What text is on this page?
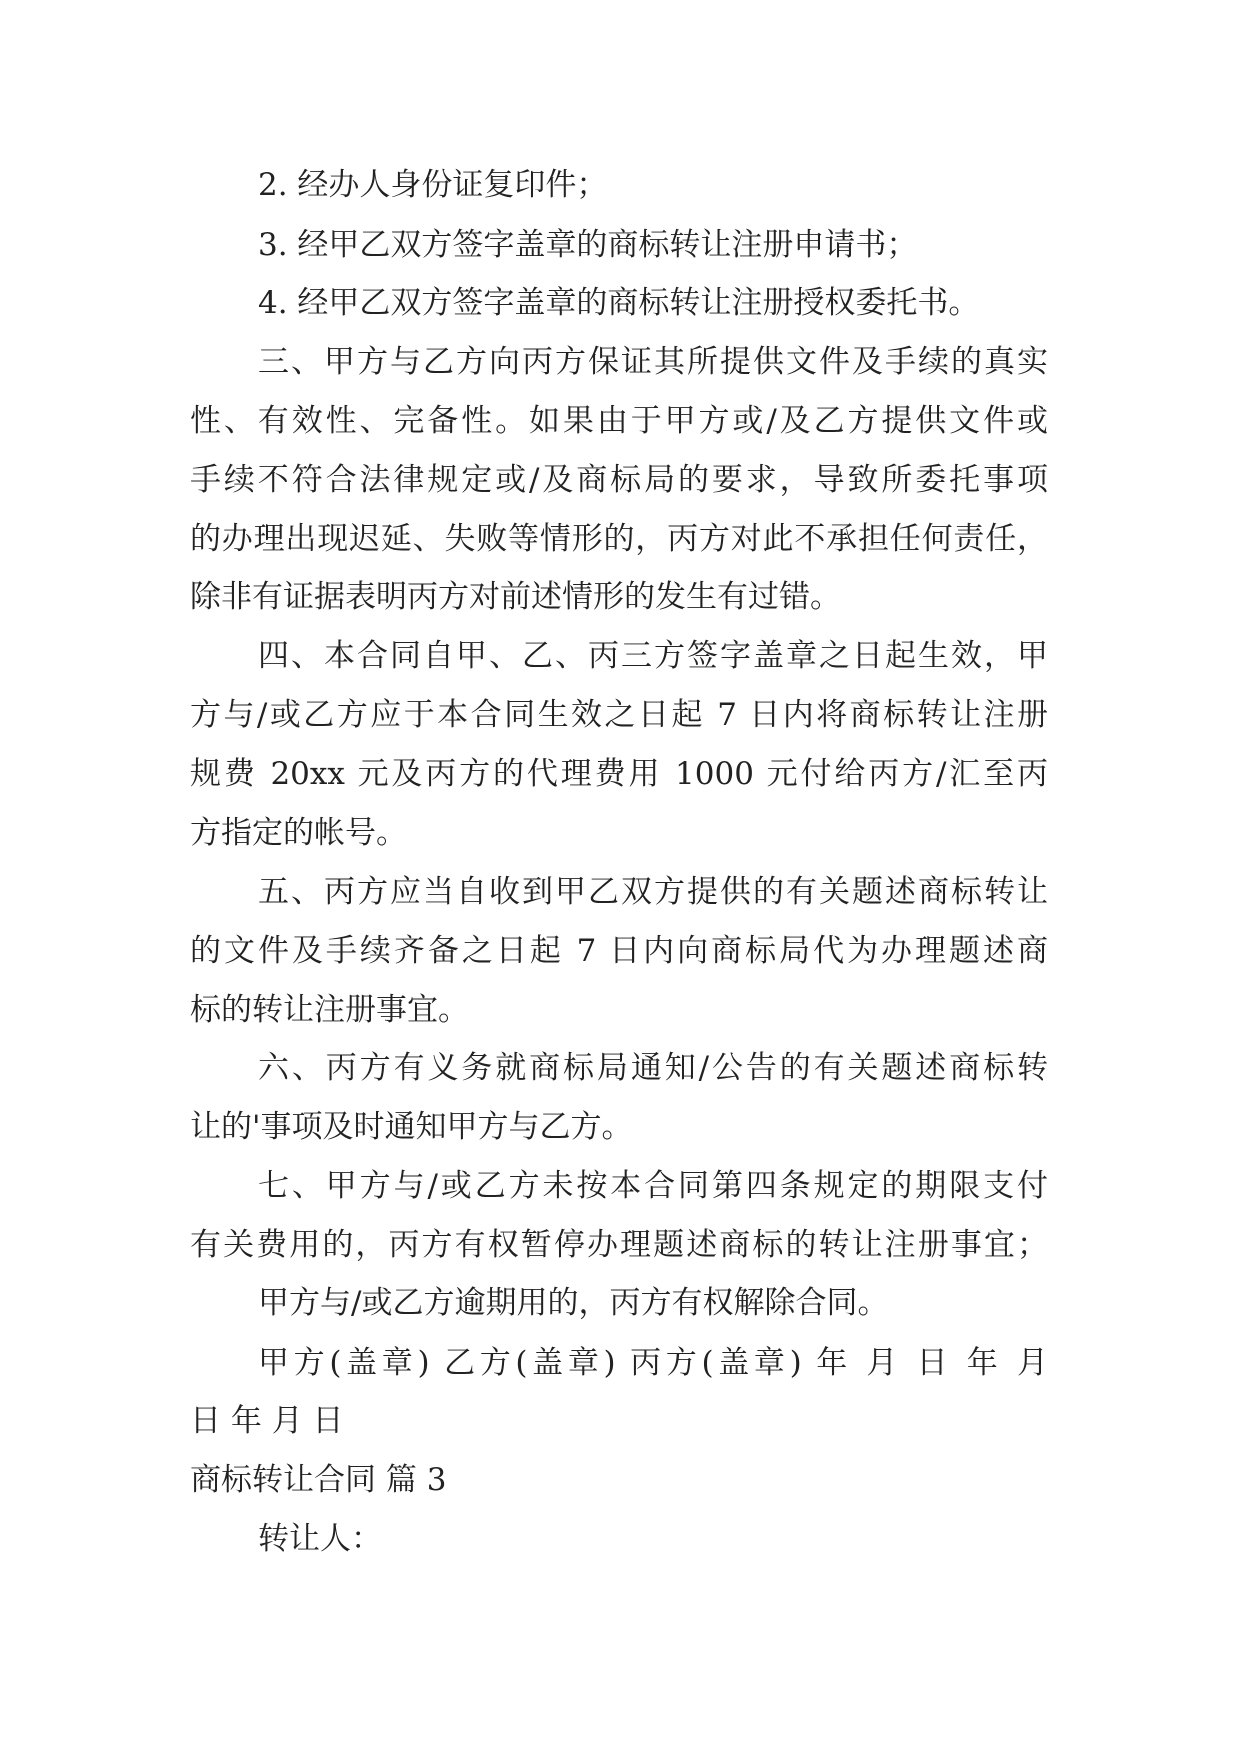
2. 经办人身份证复印件；

3. 经甲乙双方签字盖章的商标转让注册申请书；

4. 经甲乙双方签字盖章的商标转让注册授权委托书。

三、甲方与乙方向丙方保证其所提供文件及手续的真实

性、有效性、完备性。如果由于甲方或/及乙方提供文件或

手续不符合法律规定或/及商标局的要求，导致所委托事项

的办理出现迟延、失败等情形的，丙方对此不承担任何责任，

除非有证据表明丙方对前述情形的发生有过错。

四、本合同自甲、乙、丙三方签字盖章之日起生效，甲

方与/或乙方应于本合同生效之日起 7 日内将商标转让注册

规费 20xx 元及丙方的代理费用 1000 元付给丙方/汇至丙

方指定的帐号。

五、丙方应当自收到甲乙双方提供的有关题述商标转让

的文件及手续齐备之日起 7 日内向商标局代为办理题述商

标的转让注册事宜。

六、丙方有义务就商标局通知/公告的有关题述商标转

让的'事项及时通知甲方与乙方。

七、甲方与/或乙方未按本合同第四条规定的期限支付

有关费用的，丙方有权暂停办理题述商标的转让注册事宜；

甲方与/或乙方逾期用的，丙方有权解除合同。

甲方(盖章) 乙方(盖章) 丙方(盖章) 年 月 日 年 月

日 年 月 日

商标转让合同 篇 3

转让人：
